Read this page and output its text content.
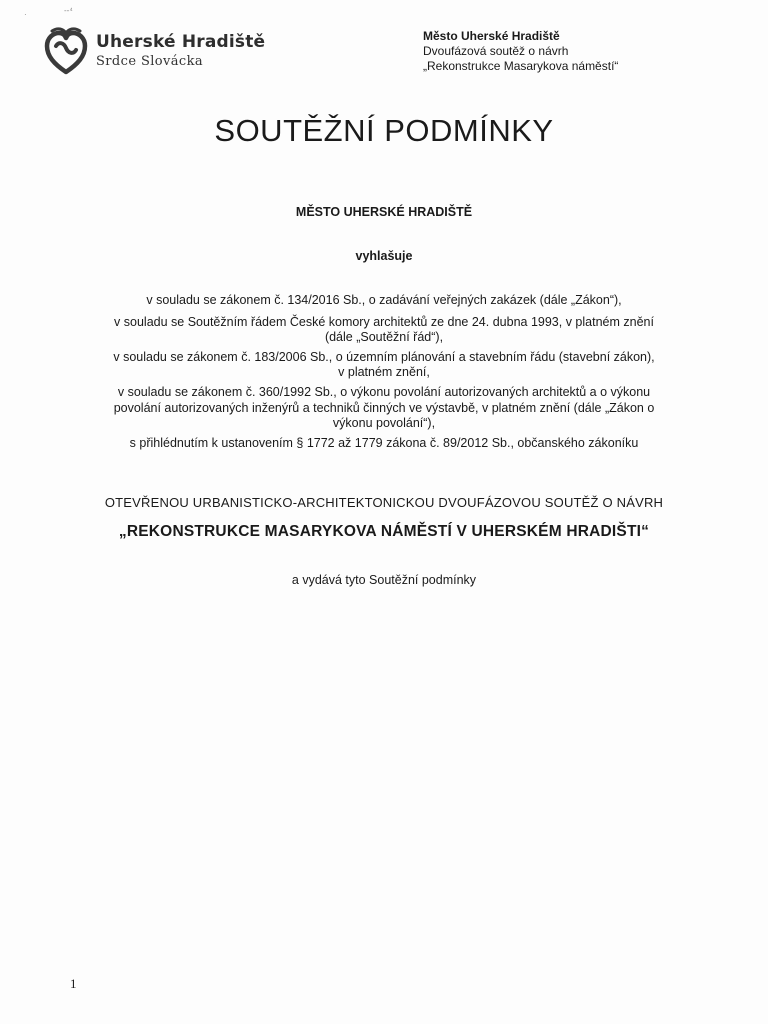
·	‐‐⁴
Uherské Hradiště
Srdce Slovácka
Město Uherské Hradiště
Dvoufázová soutěž o návrh
„Rekonstrukce Masarykova náměstí“
SOUTĚŽNÍ PODMÍNKY
MĚSTO UHERSKÉ HRADIŠTĚ
vyhlašuje

v souladu se zákonem č. 134/2016 Sb., o zadávání veřejných zakázek (dále „Zákon“),

v souladu se Soutěžním řádem České komory architektů ze dne 24. dubna 1993, v platném znění

(dále „Soutěžní řád“),

v souladu se zákonem č. 183/2006 Sb., o územním plánování a stavebním řádu (stavební zákon),

v platném znění,

v souladu se zákonem č. 360/1992 Sb., o výkonu povolání autorizovaných architektů a o výkonu

povolání autorizovaných inženýrů a techniků činných ve výstavbě, v platném znění (dále „Zákon o

výkonu povolání“),

s přihlédnutím k ustanovením § 1772 až 1779 zákona č. 89/2012 Sb., občanského zákoníku

OTEVŘENOU URBANISTICKO-ARCHITEKTONICKOU DVOUFÁZOVOU SOUTĚŽ O NÁVRH
„REKONSTRUKCE MASARYKOVA NÁMĚSTÍ V UHERSKÉM HRADIŠTI“
a vydává tyto Soutěžní podmínky
1
